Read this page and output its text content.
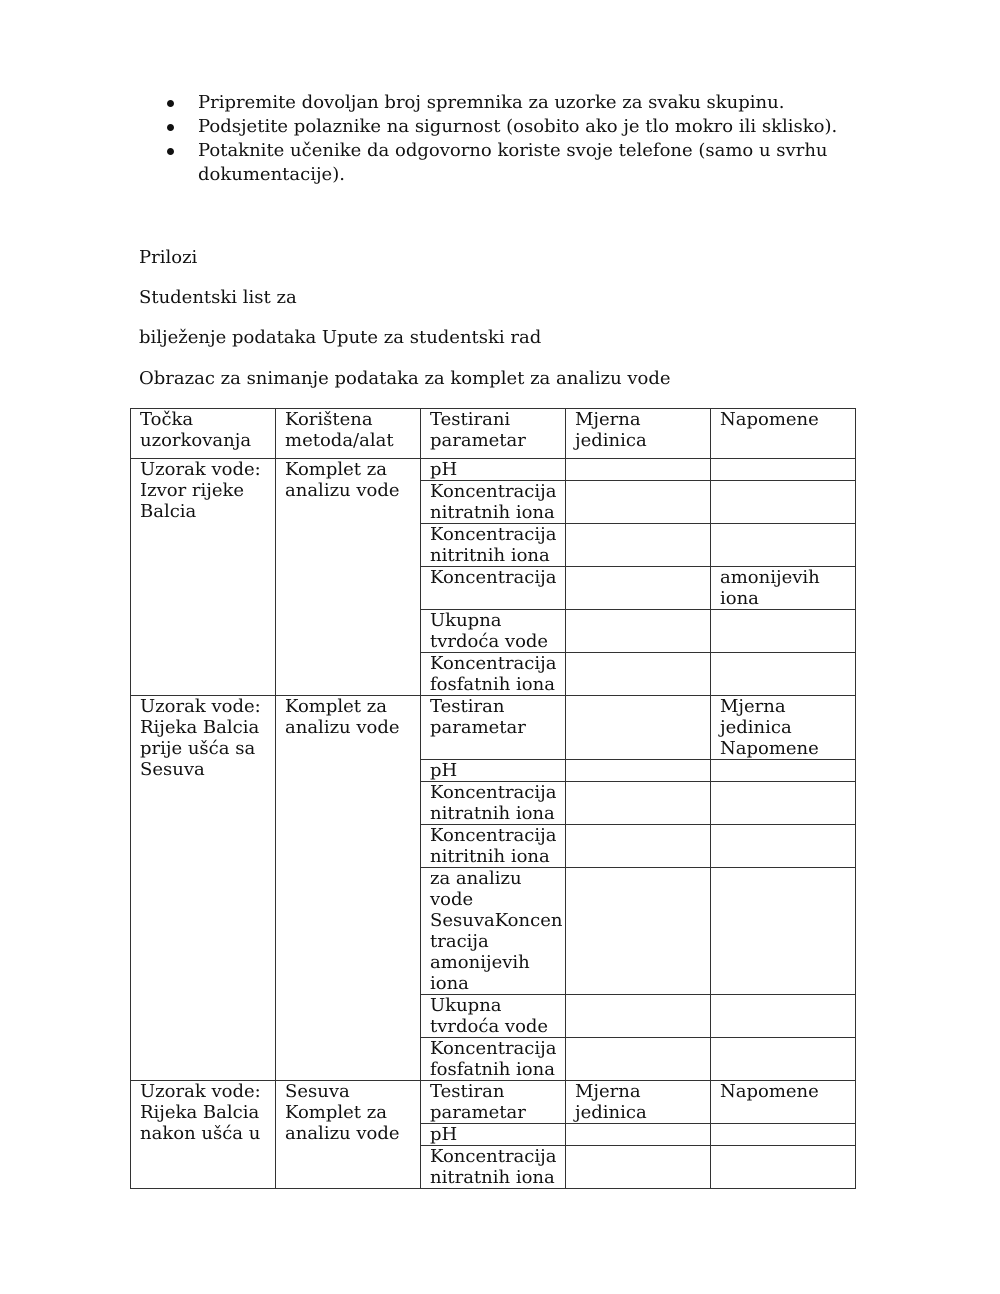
Pripremite dovoljan broj spremnika za uzorke za svaku skupinu.
Podsjetite polaznike na sigurnost (osobito ako je tlo mokro ili sklisko).
Potaknite učenike da odgovorno koriste svoje telefone (samo u svrhu dokumentacije).
Prilozi
Studentski list za
bilježenje podataka Upute za studentski rad
Obrazac za snimanje podataka za komplet za analizu vode
Točka uzorkovanja	Korištena metoda/alat	Testirani parametar	Mjerna jedinica	Napomene
Uzorak vode: Izvor rijeke Balcia	Komplet za analizu vode	pH		
		Koncentracija nitratnih iona		
		Koncentracija nitritnih iona		
		Koncentracija		amonijevih iona
		Ukupna tvrdoća vode		
		Koncentracija fosfatnih iona		
Uzorak vode: Rijeka Balcia prije ušća sa Sesuva	Komplet za analizu vode	Testiran parametar		Mjerna jedinica Napomene
		pH		
		Koncentracija nitratnih iona		
		Koncentracija nitritnih iona		
		za analizu vode SesuvaKoncentracija amonijevih iona		
		Ukupna tvrdoća vode		
		Koncentracija fosfatnih iona		
Uzorak vode: Rijeka Balcia nakon ušća u	Sesuva Komplet za analizu vode	Testiran parametar	Mjerna jedinica	Napomene
		pH		
		Koncentracija nitratnih iona		
